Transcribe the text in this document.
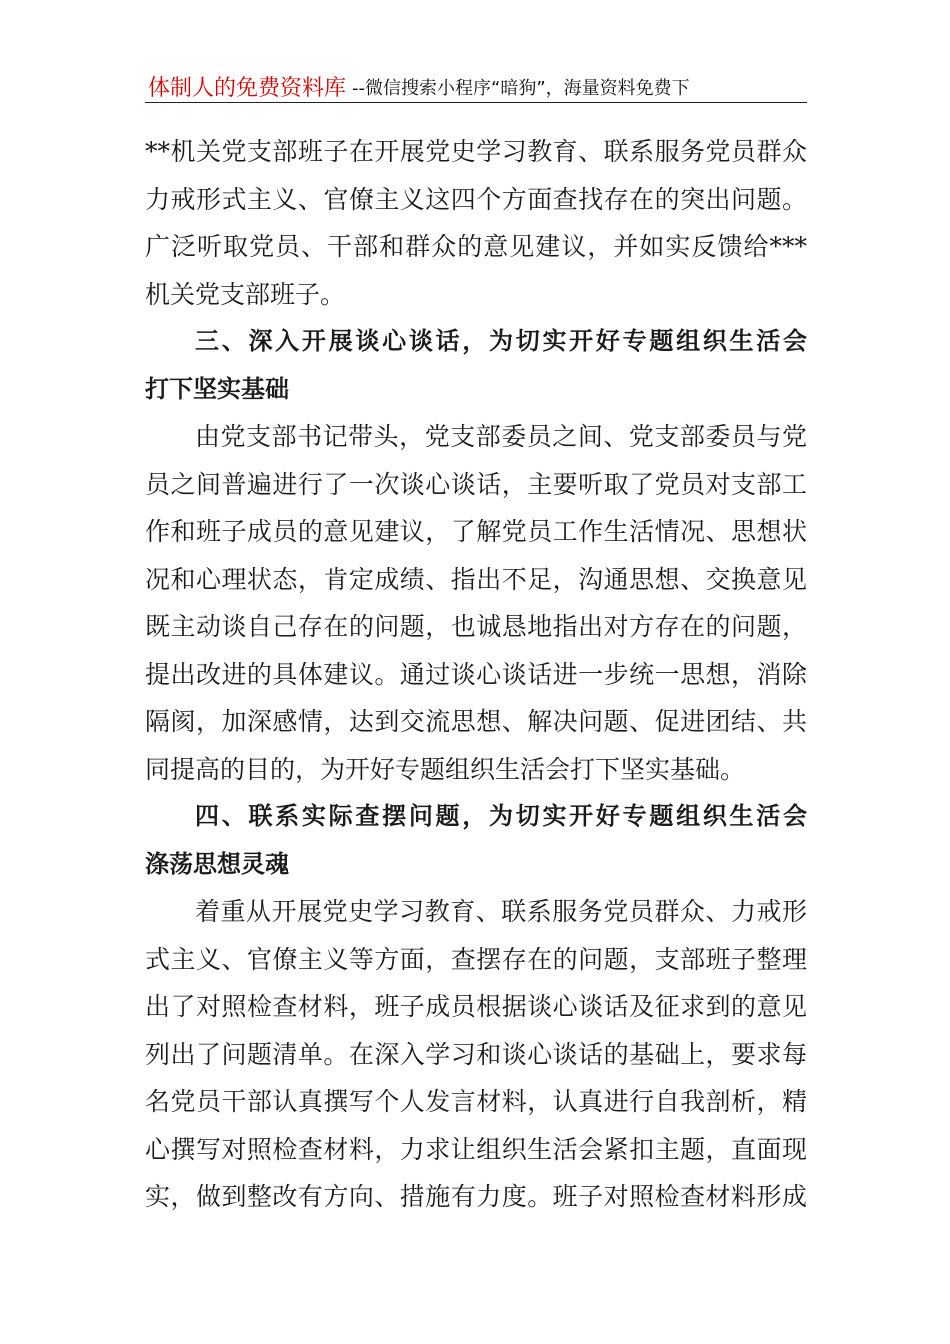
体制人的免费资料库 --微信搜索小程序“暗狗”，海量资料免费下
**机关党支部班子在开展党史学习教育、联系服务党员群众
力戒形式主义、官僚主义这四个方面查找存在的突出问题。
广泛听取党员、干部和群众的意见建议，并如实反馈给***
机关党支部班子。
三、深入开展谈心谈话，为切实开好专题组织生活会
打下坚实基础
由党支部书记带头，党支部委员之间、党支部委员与党
员之间普遍进行了一次谈心谈话，主要听取了党员对支部工
作和班子成员的意见建议，了解党员工作生活情况、思想状
况和心理状态，肯定成绩、指出不足，沟通思想、交换意见
既主动谈自己存在的问题，也诚恳地指出对方存在的问题，
提出改进的具体建议。通过谈心谈话进一步统一思想，消除
隔阂，加深感情，达到交流思想、解决问题、促进团结、共
同提高的目的，为开好专题组织生活会打下坚实基础。
四、联系实际查摆问题，为切实开好专题组织生活会
涤荡思想灵魂
着重从开展党史学习教育、联系服务党员群众、力戒形
式主义、官僚主义等方面，查摆存在的问题，支部班子整理
出了对照检查材料，班子成员根据谈心谈话及征求到的意见
列出了问题清单。在深入学习和谈心谈话的基础上，要求每
名党员干部认真撰写个人发言材料，认真进行自我剖析，精
心撰写对照检查材料，力求让组织生活会紧扣主题，直面现
实，做到整改有方向、措施有力度。班子对照检查材料形成
